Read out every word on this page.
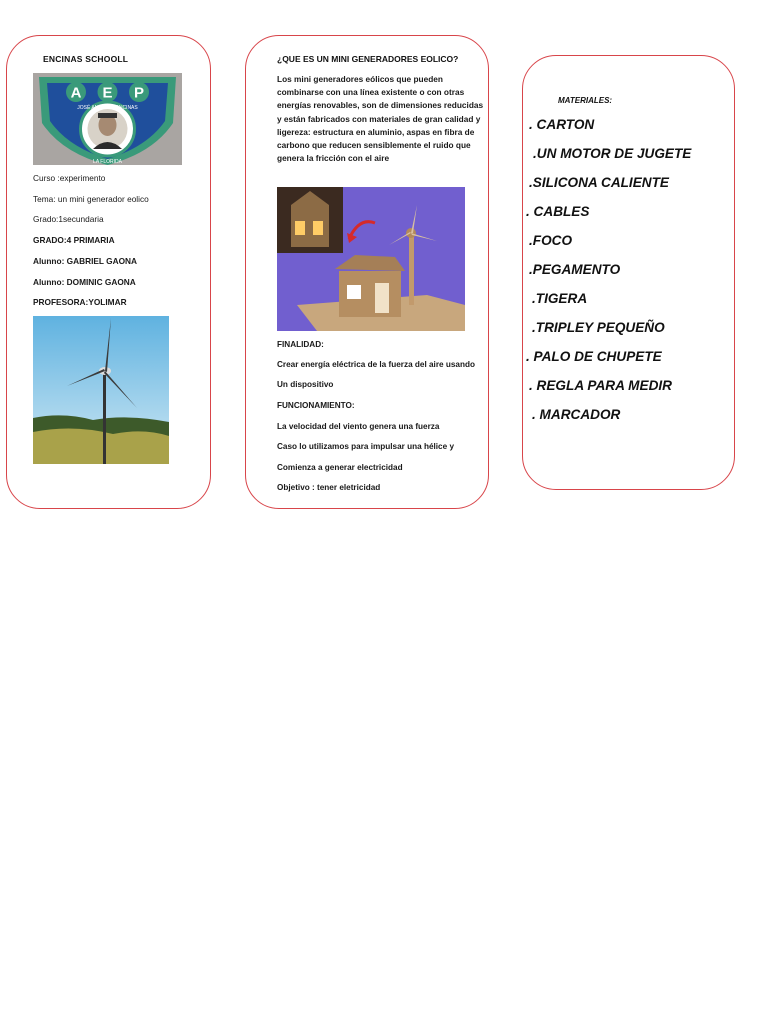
ENCINAS SCHOOLL
A E P
JOSÉ ANTONIO ENCINAS
LA FLORIDA
Curso :experimento
Tema: un mini generador eolico
Grado:1secundaria
GRADO:4 PRIMARIA
Alunno: GABRIEL GAONA
Alunno: DOMINIC GAONA
PROFESORA:YOLIMAR
¿QUE ES UN MINI GENERADORES EOLICO?
Los mini generadores eólicos que pueden combinarse con una línea existente o con otras energías renovables, son de dimensiones reducidas y están fabricados con materiales de gran calidad y ligereza: estructura en aluminio, aspas en fibra de carbono que reducen sensiblemente el ruido que genera la fricción con el aire
FINALIDAD:
Crear energía eléctrica de la fuerza del aire usando
Un dispositivo
FUNCIONAMIENTO:
La velocidad del viento genera una fuerza
Caso lo utilizamos para impulsar una hélice y
Comienza a generar electricidad
Objetivo : tener eletricidad
MATERIALES:
. CARTON
.UN MOTOR DE JUGETE
.SILICONA CALIENTE
. CABLES
.FOCO
.PEGAMENTO
.TIGERA
.TRIPLEY PEQUEÑO
. PALO DE CHUPETE
. REGLA PARA MEDIR
. MARCADOR
